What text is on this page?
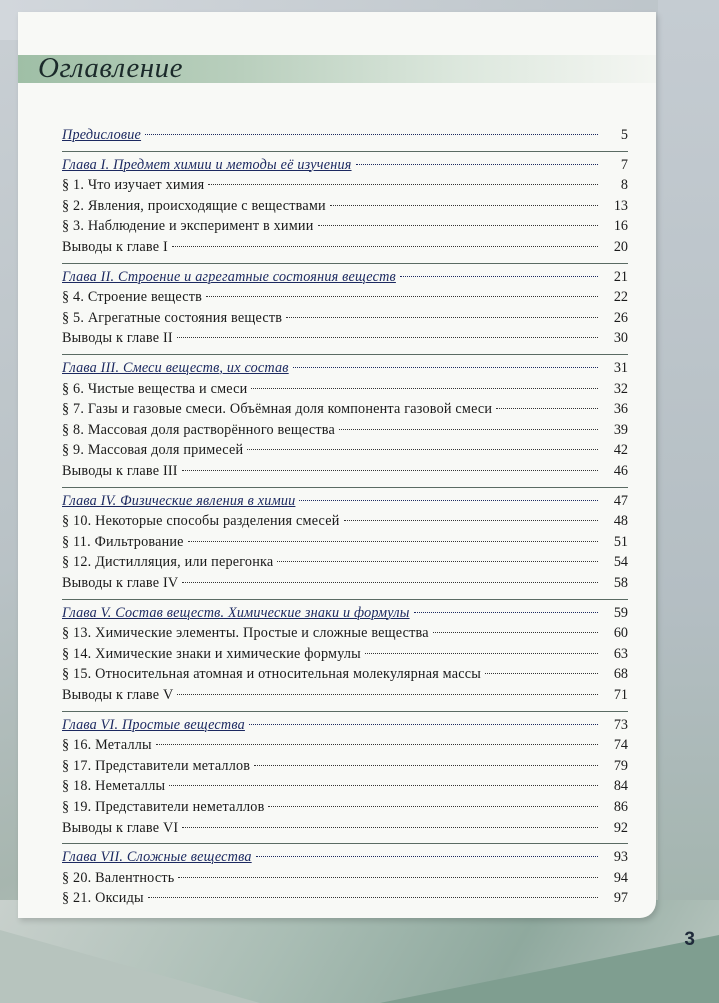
Оглавление
Предисловие	5
Глава I. Предмет химии и методы её изучения	7
§ 1. Что изучает химия	8
§ 2. Явления, происходящие с веществами	13
§ 3. Наблюдение и эксперимент в химии	16
Выводы к главе I	20
Глава II. Строение и агрегатные состояния веществ	21
§ 4. Строение веществ	22
§ 5. Агрегатные состояния веществ	26
Выводы к главе II	30
Глава III. Смеси веществ, их состав	31
§ 6. Чистые вещества и смеси	32
§ 7. Газы и газовые смеси. Объёмная доля компонента газовой смеси	36
§ 8. Массовая доля растворённого вещества	39
§ 9. Массовая доля примесей	42
Выводы к главе III	46
Глава IV. Физические явления в химии	47
§ 10. Некоторые способы разделения смесей	48
§ 11. Фильтрование	51
§ 12. Дистилляция, или перегонка	54
Выводы к главе IV	58
Глава V. Состав веществ. Химические знаки и формулы	59
§ 13. Химические элементы. Простые и сложные вещества	60
§ 14. Химические знаки и химические формулы	63
§ 15. Относительная атомная и относительная молекулярная массы	68
Выводы к главе V	71
Глава VI. Простые вещества	73
§ 16. Металлы	74
§ 17. Представители металлов	79
§ 18. Неметаллы	84
§ 19. Представители неметаллов	86
Выводы к главе VI	92
Глава VII. Сложные вещества	93
§ 20. Валентность	94
§ 21. Оксиды	97
3
